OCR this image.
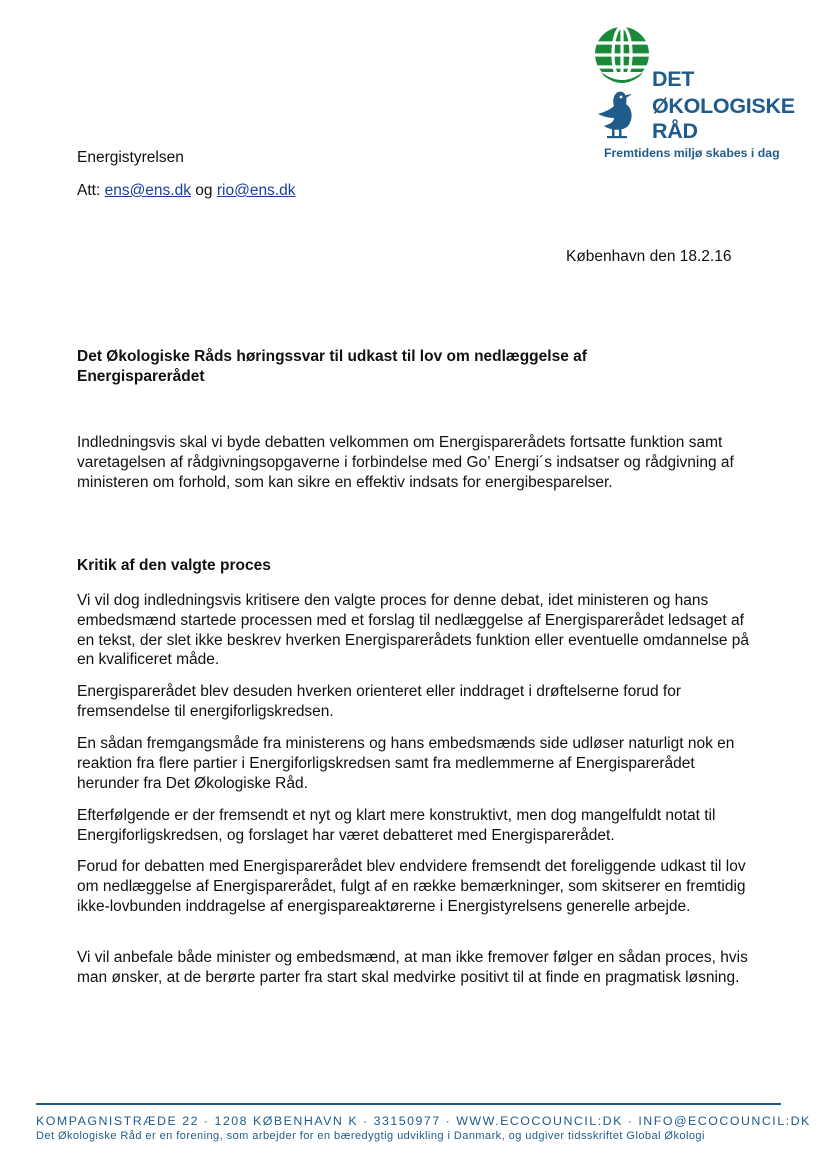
DET
ØKOLOGISKE
RÅD
Fremtidens miljø skabes i dag
Energistyrelsen
Att: ens@ens.dk og rio@ens.dk
København den 18.2.16
Det Økologiske Råds høringssvar til udkast til lov om nedlæggelse af Energisparerådet
Indledningsvis skal vi byde debatten velkommen om Energisparerådets fortsatte funktion samt varetagelsen af rådgivningsopgaverne i forbindelse med Go’ Energi´s indsatser og rådgivning af ministeren om forhold, som kan sikre en effektiv indsats for energibesparelser.
Kritik af den valgte proces
Vi vil dog indledningsvis kritisere den valgte proces for denne debat, idet ministeren og hans embedsmænd startede processen med et forslag til nedlæggelse af Energisparerådet ledsaget af en tekst, der slet ikke beskrev hverken Energisparerådets funktion eller eventuelle omdannelse på en kvalificeret måde.
Energisparerådet blev desuden hverken orienteret eller inddraget i drøftelserne forud for fremsendelse til energiforligskredsen.
En sådan fremgangsmåde fra ministerens og hans embedsmænds side udløser naturligt nok en reaktion fra flere partier i Energiforligskredsen samt fra medlemmerne af Energisparerådet herunder fra Det Økologiske Råd.
Efterfølgende er der fremsendt et nyt og klart mere konstruktivt, men dog mangelfuldt notat til Energiforligskredsen, og forslaget har været debatteret med Energisparerådet.
Forud for debatten med Energisparerådet blev endvidere fremsendt det foreliggende udkast til lov om nedlæggelse af Energisparerådet, fulgt af en række bemærkninger, som skitserer en fremtidig ikke-lovbunden inddragelse af energispareaktørerne i Energistyrelsens generelle arbejde.
Vi vil anbefale både minister og embedsmænd, at man ikke fremover følger en sådan proces, hvis man ønsker, at de berørte parter fra start skal medvirke positivt til at finde en pragmatisk løsning.
KOMPAGNISTRÆDE 22 · 1208 KØBENHAVN K · 33150977 · WWW.ECOCOUNCIL:DK · INFO@ECOCOUNCIL:DK
Det Økologiske Råd er en forening, som arbejder for en bæredygtig udvikling i Danmark, og udgiver tidsskriftet Global Økologi
